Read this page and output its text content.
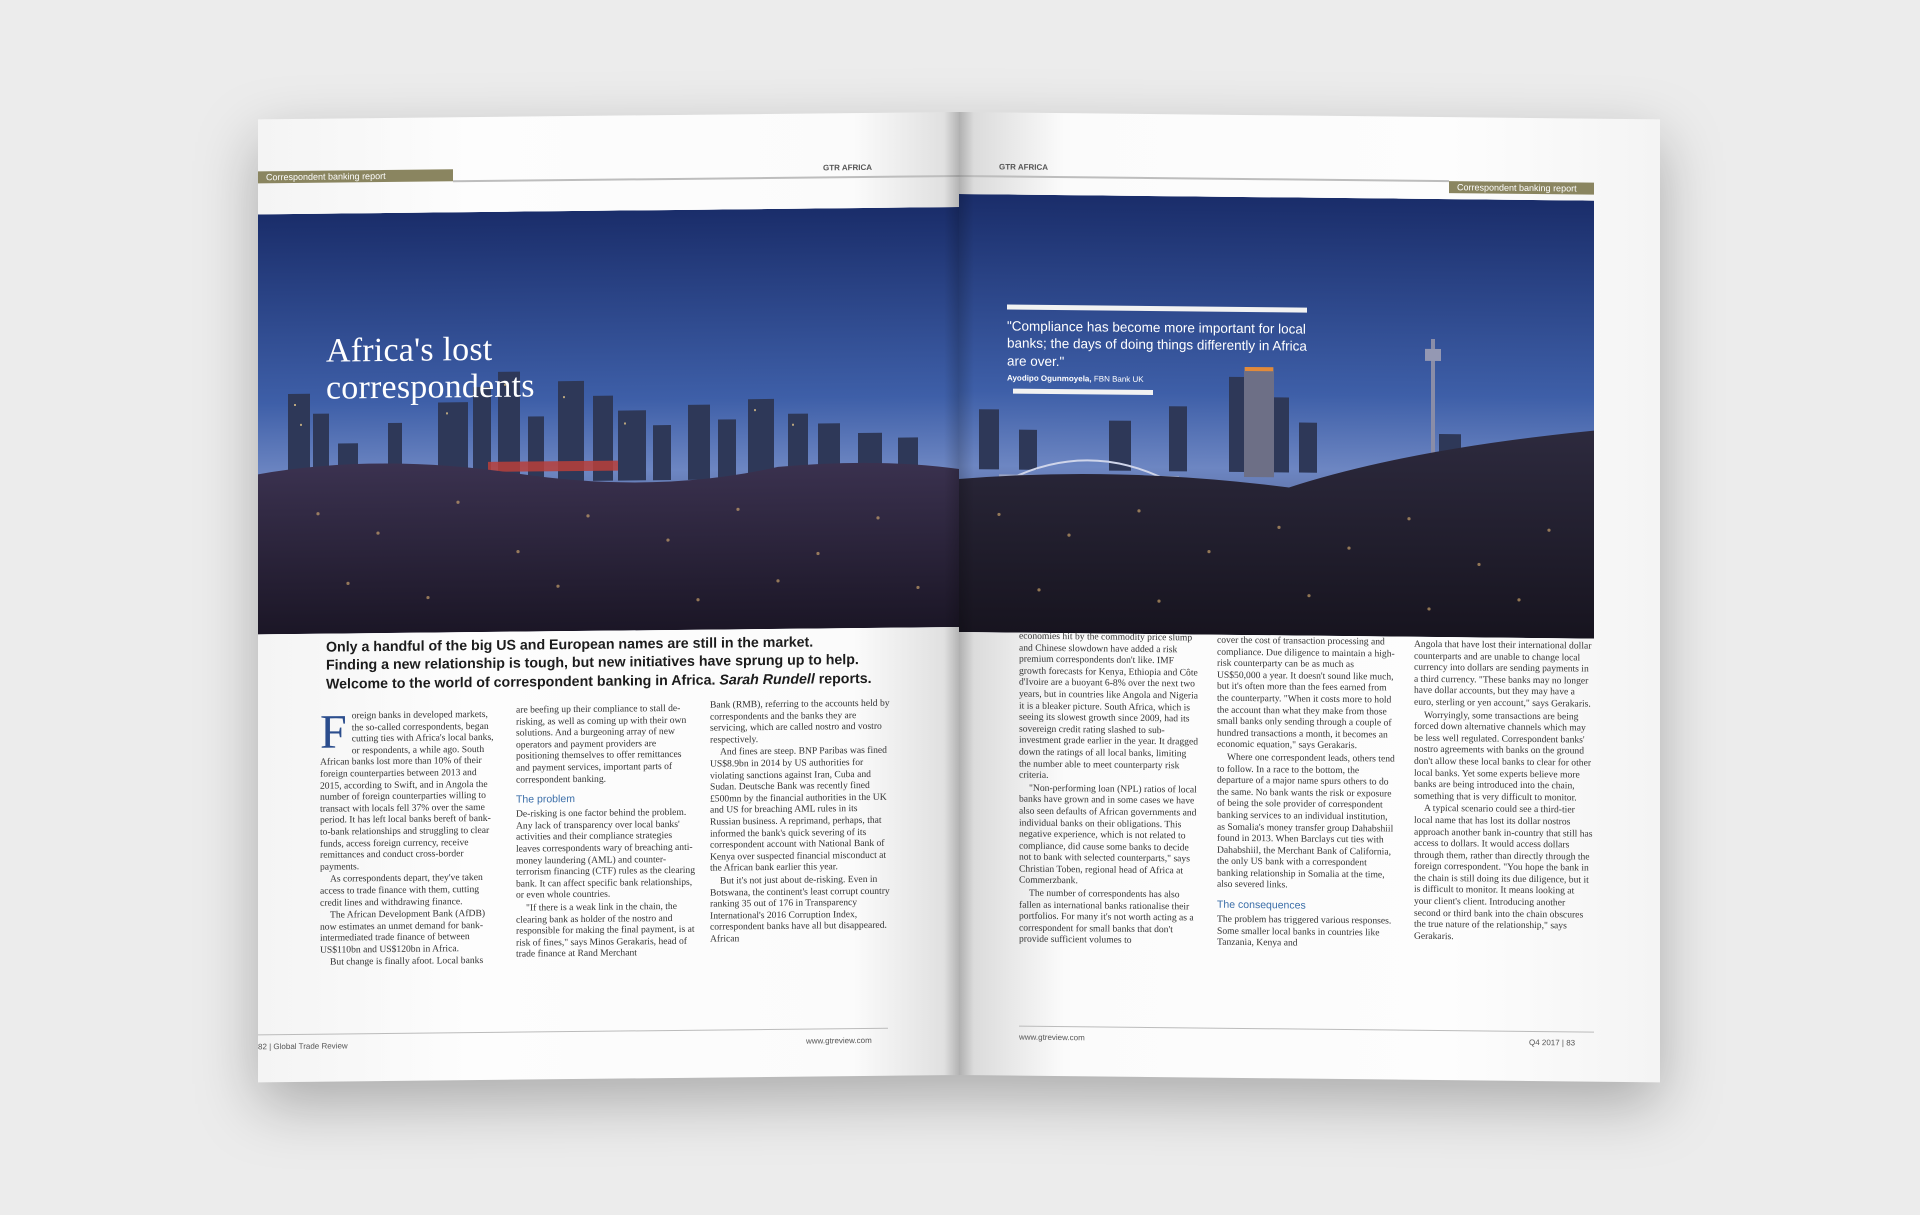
Correspondent banking report
GTR AFRICA
Africa's lost
correspondents
Only a handful of the big US and European names are still in the market.
Finding a new relationship is tough, but new initiatives have sprung up to help.
Welcome to the world of correspondent banking in Africa. Sarah Rundell reports.

Foreign banks in developed markets, the so-called correspondents, began cutting ties with Africa's local banks, or respondents, a while ago. South African banks lost more than 10% of their foreign counterparties between 2013 and 2015, according to Swift, and in Angola the number of foreign counterparties willing to transact with locals fell 37% over the same period. It has left local banks bereft of bank-to-bank relationships and struggling to clear funds, access foreign currency, receive remittances and conduct cross-border payments.

As correspondents depart, they've taken access to trade finance with them, cutting credit lines and withdrawing finance.

The African Development Bank (AfDB) now estimates an unmet demand for bank-intermediated trade finance of between US$110bn and US$120bn in Africa.

But change is finally afoot. Local banks

are beefing up their compliance to stall de-risking, as well as coming up with their own solutions. And a burgeoning array of new operators and payment providers are positioning themselves to offer remittances and payment services, important parts of correspondent banking.

The problem

De-risking is one factor behind the problem. Any lack of transparency over local banks' activities and their compliance strategies leaves correspondents wary of breaching anti-money laundering (AML) and counter-terrorism financing (CTF) rules as the clearing bank. It can affect specific bank relationships, or even whole countries.

"If there is a weak link in the chain, the clearing bank as holder of the nostro and responsible for making the final payment, is at risk of fines," says Minos Gerakaris, head of trade finance at Rand Merchant

Bank (RMB), referring to the accounts held by correspondents and the banks they are servicing, which are called nostro and vostro respectively.

And fines are steep. BNP Paribas was fined US$8.9bn in 2014 by US authorities for violating sanctions against Iran, Cuba and Sudan. Deutsche Bank was recently fined £500mn by the financial authorities in the UK and US for breaching AML rules in its Russian business. A reprimand, perhaps, that informed the bank's quick severing of its correspondent account with National Bank of Kenya over suspected financial misconduct at the African bank earlier this year.

But it's not just about de-risking. Even in Botswana, the continent's least corrupt country ranking 35 out of 176 in Transparency International's 2016 Corruption Index, correspondent banks have all but disappeared. African

82 | Global Trade Review
www.gtreview.com
GTR AFRICA
Correspondent banking report
"Compliance has become more important for local banks; the days of doing things differently in Africa are over."
Ayodipo Ogunmoyela, FBN Bank UK

economies hit by the commodity price slump and Chinese slowdown have added a risk premium correspondents don't like. IMF growth forecasts for Kenya, Ethiopia and Côte d'Ivoire are a buoyant 6-8% over the next two years, but in countries like Angola and Nigeria it is a bleaker picture. South Africa, which is seeing its slowest growth since 2009, had its sovereign credit rating slashed to sub-investment grade earlier in the year. It dragged down the ratings of all local banks, limiting the number able to meet counterparty risk criteria.

"Non-performing loan (NPL) ratios of local banks have grown and in some cases we have also seen defaults of African governments and individual banks on their obligations. This negative experience, which is not related to compliance, did cause some banks to decide not to bank with selected counterparts," says Christian Toben, regional head of Africa at Commerzbank.

The number of correspondents has also fallen as international banks rationalise their portfolios. For many it's not worth acting as a correspondent for small banks that don't provide sufficient volumes to

cover the cost of transaction processing and compliance. Due diligence to maintain a high-risk counterparty can be as much as US$50,000 a year. It doesn't sound like much, but it's often more than the fees earned from the counterparty. "When it costs more to hold the account than what they make from those small banks only sending through a couple of hundred transactions a month, it becomes an economic equation," says Gerakaris.

Where one correspondent leads, others tend to follow. In a race to the bottom, the departure of a major name spurs others to do the same. No bank wants the risk or exposure of being the sole provider of correspondent banking services to an individual institution, as Somalia's money transfer group Dahabshiil found in 2013. When Barclays cut ties with Dahabshiil, the Merchant Bank of California, the only US bank with a correspondent banking relationship in Somalia at the time, also severed links.

The consequences

The problem has triggered various responses. Some smaller local banks in countries like Tanzania, Kenya and

Angola that have lost their international dollar counterparts and are unable to change local currency into dollars are sending payments in a third currency. "These banks may no longer have dollar accounts, but they may have a euro, sterling or yen account," says Gerakaris.

Worryingly, some transactions are being forced down alternative channels which may be less well regulated. Correspondent banks' nostro agreements with banks on the ground don't allow these local banks to clear for other local banks. Yet some experts believe more banks are being introduced into the chain, something that is very difficult to monitor.

A typical scenario could see a third-tier local name that has lost its dollar nostros approach another bank in-country that still has access to dollars. It would access dollars through them, rather than directly through the foreign correspondent. "You hope the bank in the chain is still doing its due diligence, but it is difficult to monitor. It means looking at your client's client. Introducing another second or third bank into the chain obscures the true nature of the relationship," says Gerakaris.

www.gtreview.com
Q4 2017 | 83
